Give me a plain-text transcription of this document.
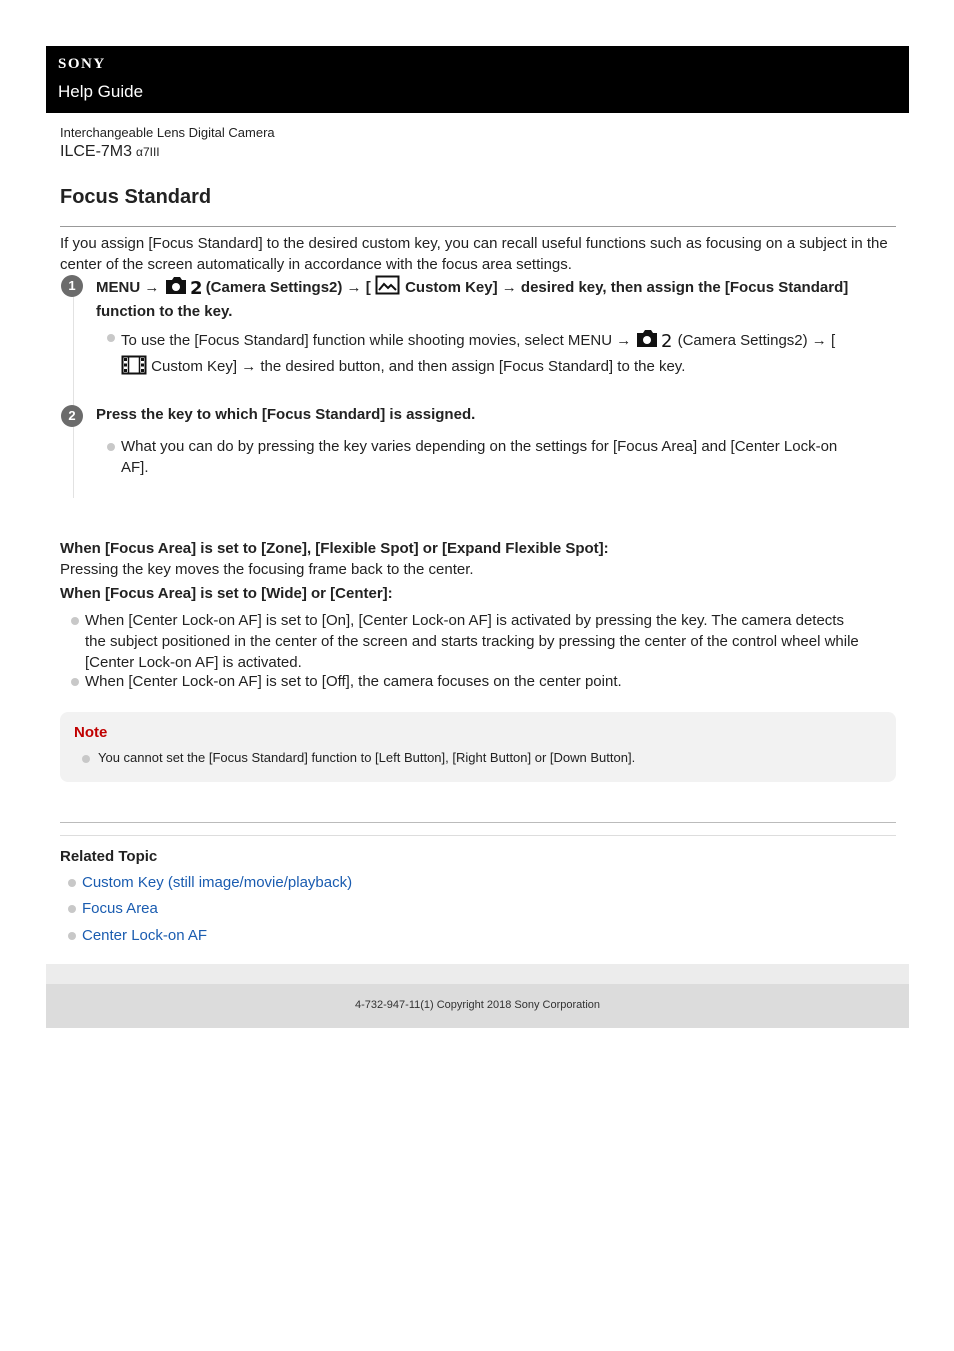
SONY
Help Guide
Interchangeable Lens Digital Camera
ILCE-7M3 α7III
Focus Standard
If you assign [Focus Standard] to the desired custom key, you can recall useful functions such as focusing on a subject in the center of the screen automatically in accordance with the focus area settings.
1	MENU → 2 (Camera Settings2) → [ Custom Key] → desired key, then assign the [Focus Standard]
function to the key.
To use the [Focus Standard] function while shooting movies, select MENU → 2 (Camera Settings2) → [
Custom Key] → the desired button, and then assign [Focus Standard] to the key.
2	Press the key to which [Focus Standard] is assigned.
What you can do by pressing the key varies depending on the settings for [Focus Area] and [Center Lock-on
AF].
When [Focus Area] is set to [Zone], [Flexible Spot] or [Expand Flexible Spot]:
Pressing the key moves the focusing frame back to the center.
When [Focus Area] is set to [Wide] or [Center]:
When [Center Lock-on AF] is set to [On], [Center Lock-on AF] is activated by pressing the key. The camera detects
the subject positioned in the center of the screen and starts tracking by pressing the center of the control wheel while
[Center Lock-on AF] is activated.
When [Center Lock-on AF] is set to [Off], the camera focuses on the center point.
Note
You cannot set the [Focus Standard] function to [Left Button], [Right Button] or [Down Button].
Related Topic
Custom Key (still image/movie/playback)
Focus Area
Center Lock-on AF
4-732-947-11(1) Copyright 2018 Sony Corporation
